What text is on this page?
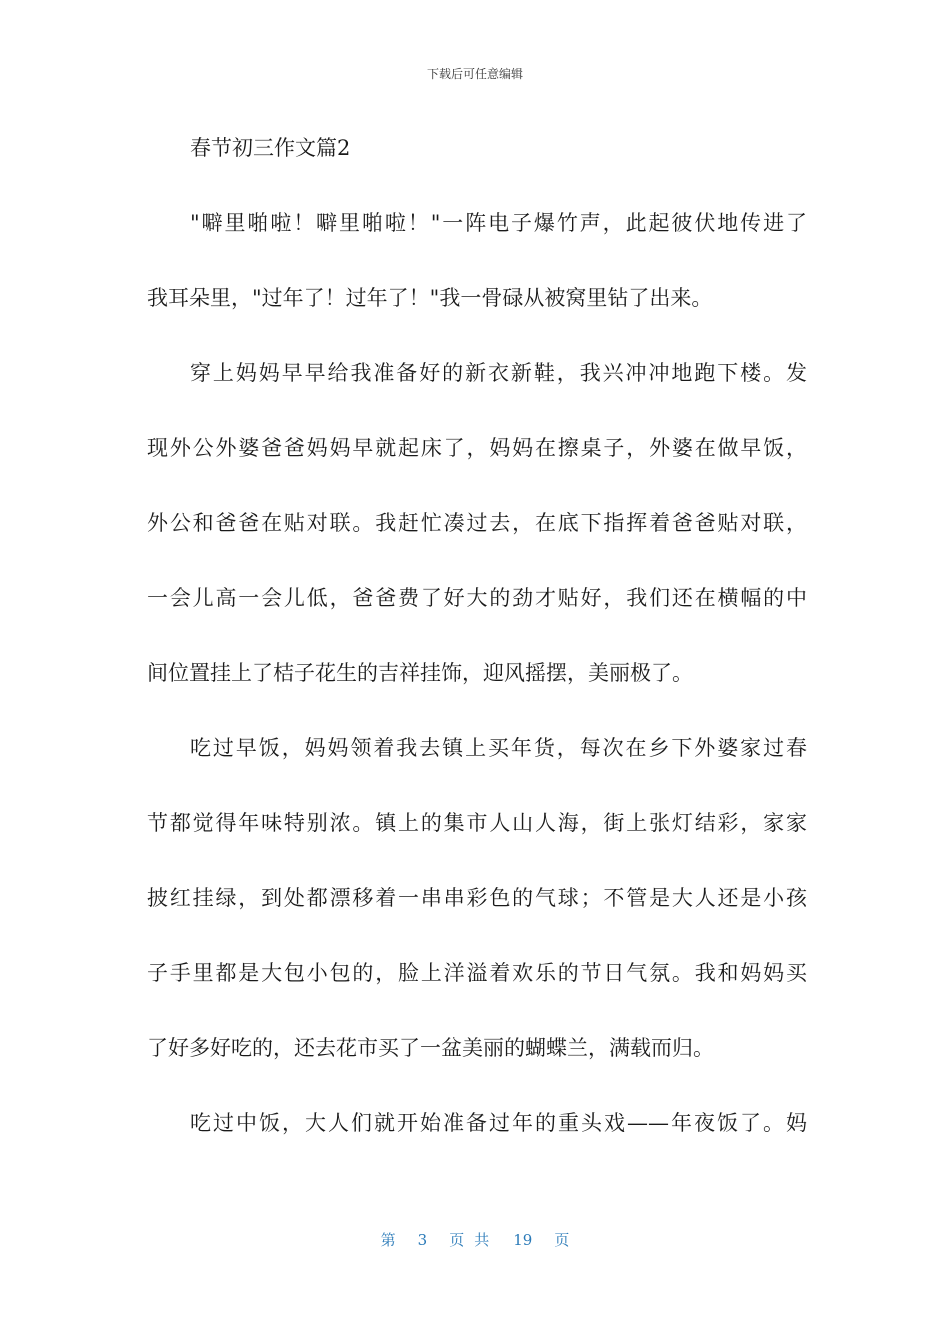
下载后可任意编辑
春节初三作文篇2
"噼里啪啦！噼里啪啦！"一阵电子爆竹声，此起彼伏地传进了
我耳朵里，"过年了！过年了！"我一骨碌从被窝里钻了出来。
穿上妈妈早早给我准备好的新衣新鞋，我兴冲冲地跑下楼。发
现外公外婆爸爸妈妈早就起床了，妈妈在擦桌子，外婆在做早饭，
外公和爸爸在贴对联。我赶忙凑过去，在底下指挥着爸爸贴对联，
一会儿高一会儿低，爸爸费了好大的劲才贴好，我们还在横幅的中
间位置挂上了桔子花生的吉祥挂饰，迎风摇摆，美丽极了。
吃过早饭，妈妈领着我去镇上买年货，每次在乡下外婆家过春
节都觉得年味特别浓。镇上的集市人山人海，街上张灯结彩，家家
披红挂绿，到处都漂移着一串串彩色的气球；不管是大人还是小孩
子手里都是大包小包的，脸上洋溢着欢乐的节日气氛。我和妈妈买
了好多好吃的，还去花市买了一盆美丽的蝴蝶兰，满载而归。
吃过中饭，大人们就开始准备过年的重头戏——年夜饭了。妈
第 3 页共 19 页
